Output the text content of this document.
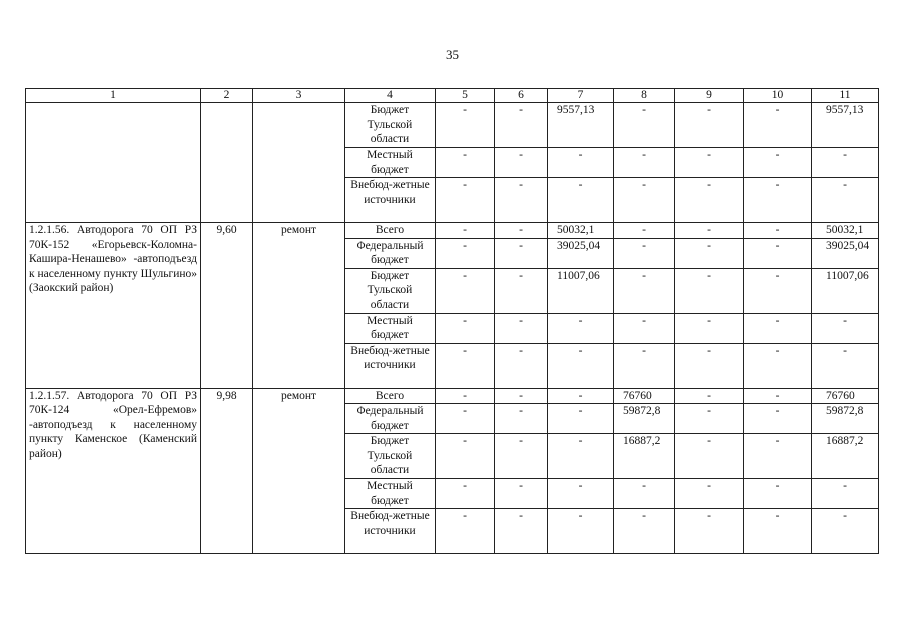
35
1	2	3	4	5	6	7	8	9	10	11
			Бюджет Тульской области	-	-	9557,13	-	-	-	9557,13
			Местный бюджет	-	-	-	-	-	-	-
			Внебюд-жетные источники	-	-	-	-	-	-	-
1.2.1.56. Автодорога 70 ОП РЗ 70К-152 «Егорьевск-Коломна-Кашира-Ненашево» -автоподъезд к населенному пункту Шульгино» (Заокский район)	9,60	ремонт	Всего	-	-	50032,1	-	-	-	50032,1
			Федеральный бюджет	-	-	39025,04	-	-	-	39025,04
			Бюджет Тульской области	-	-	11007,06	-	-	-	11007,06
			Местный бюджет	-	-	-	-	-	-	-
			Внебюд-жетные источники	-	-	-	-	-	-	-
1.2.1.57. Автодорога 70 ОП РЗ 70К-124 «Орел-Ефремов» -автоподъезд к населенному пункту Каменское (Каменский район)	9,98	ремонт	Всего	-	-	-	76760	-	-	76760
			Федеральный бюджет	-	-	-	59872,8	-	-	59872,8
			Бюджет Тульской области	-	-	-	16887,2	-	-	16887,2
			Местный бюджет	-	-	-	-	-	-	-
			Внебюд-жетные источники	-	-	-	-	-	-	-
